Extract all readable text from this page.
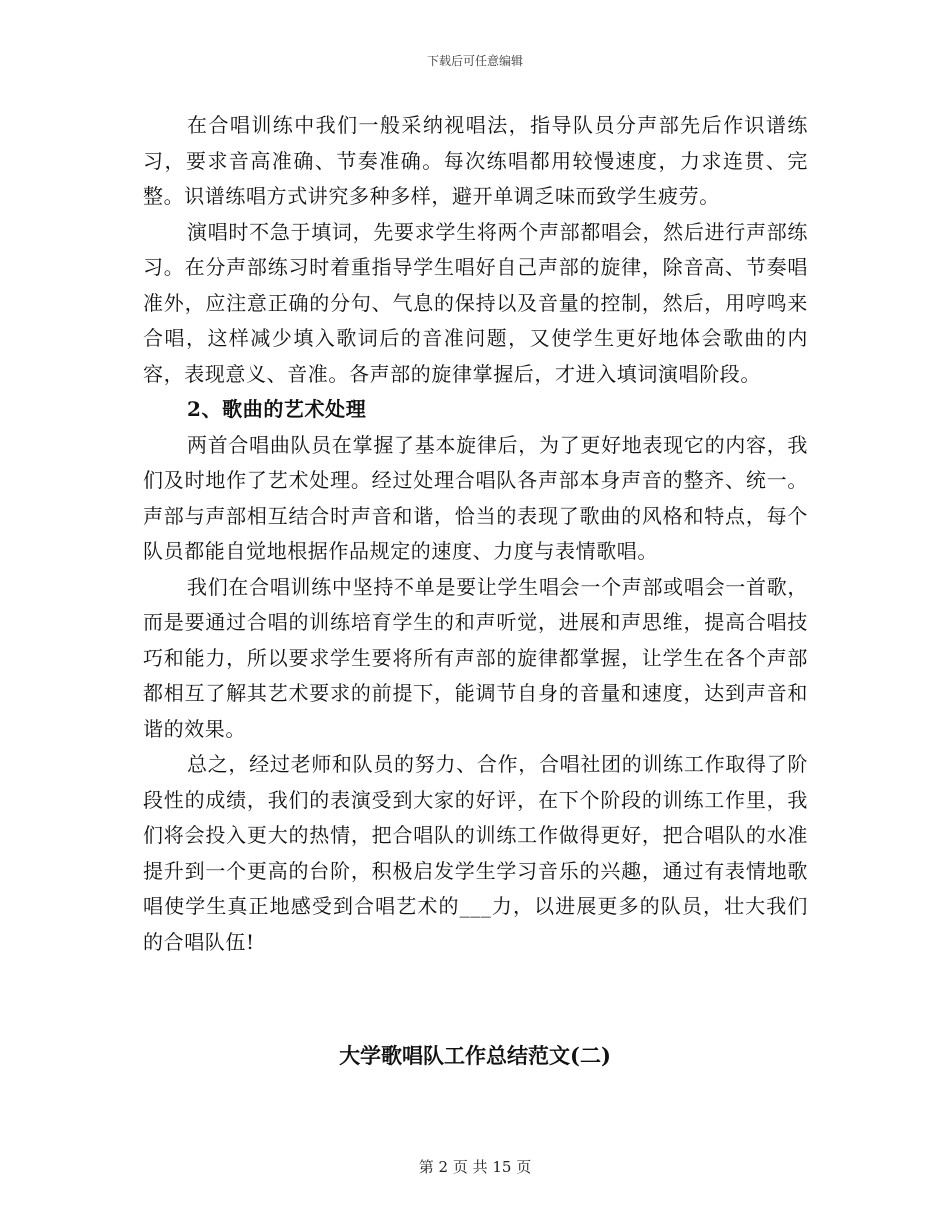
下载后可任意编辑

在合唱训练中我们一般采纳视唱法，指导队员分声部先后作识谱练习，要求音高准确、节奏准确。每次练唱都用较慢速度，力求连贯、完整。识谱练唱方式讲究多种多样，避开单调乏味而致学生疲劳。

演唱时不急于填词，先要求学生将两个声部都唱会，然后进行声部练习。在分声部练习时着重指导学生唱好自己声部的旋律，除音高、节奏唱准外，应注意正确的分句、气息的保持以及音量的控制，然后，用哼鸣来合唱，这样减少填入歌词后的音准问题，又使学生更好地体会歌曲的内容，表现意义、音准。各声部的旋律掌握后，才进入填词演唱阶段。

2、歌曲的艺术处理

两首合唱曲队员在掌握了基本旋律后，为了更好地表现它的内容，我们及时地作了艺术处理。经过处理合唱队各声部本身声音的整齐、统一。声部与声部相互结合时声音和谐，恰当的表现了歌曲的风格和特点，每个队员都能自觉地根据作品规定的速度、力度与表情歌唱。

我们在合唱训练中坚持不单是要让学生唱会一个声部或唱会一首歌，而是要通过合唱的训练培育学生的和声听觉，进展和声思维，提高合唱技巧和能力，所以要求学生要将所有声部的旋律都掌握，让学生在各个声部都相互了解其艺术要求的前提下，能调节自身的音量和速度，达到声音和谐的效果。

总之，经过老师和队员的努力、合作，合唱社团的训练工作取得了阶段性的成绩，我们的表演受到大家的好评，在下个阶段的训练工作里，我们将会投入更大的热情，把合唱队的训练工作做得更好，把合唱队的水准提升到一个更高的台阶，积极启发学生学习音乐的兴趣，通过有表情地歌唱使学生真正地感受到合唱艺术的___力，以进展更多的队员，壮大我们的合唱队伍!

大学歌唱队工作总结范文(二)
第 2 页 共 15 页
